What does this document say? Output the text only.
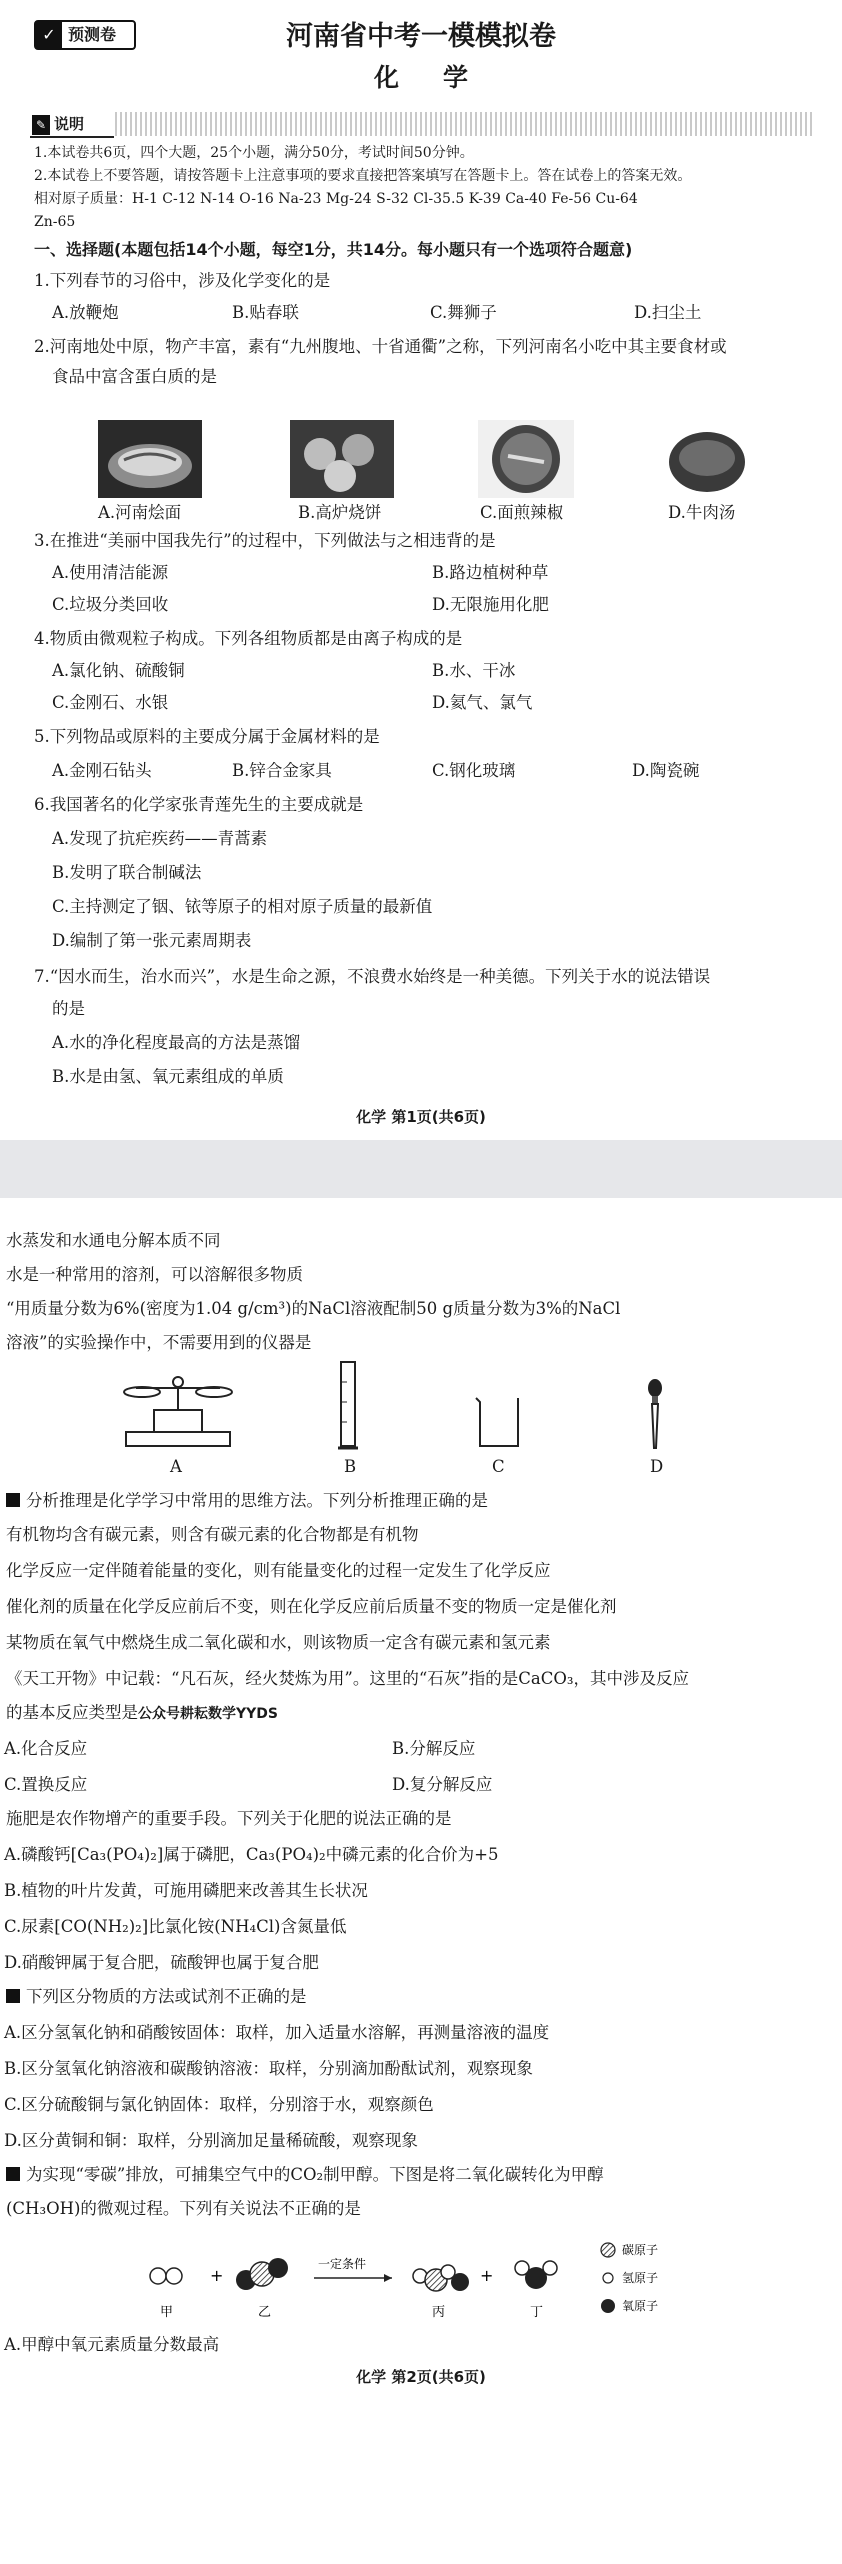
✓ 预测卷	河南省中考一模模拟卷
化学
✎ 说明
1.本试卷共6页，四个大题，25个小题，满分50分，考试时间50分钟。
2.本试卷上不要答题，请按答题卡上注意事项的要求直接把答案填写在答题卡上。答在试卷上的答案无效。
相对原子质量：H-1 C-12 N-14 O-16 Na-23 Mg-24 S-32 Cl-35.5 K-39 Ca-40 Fe-56 Cu-64
Zn-65
一、选择题(本题包括14个小题，每空1分，共14分。每小题只有一个选项符合题意)
1.下列春节的习俗中，涉及化学变化的是
A.放鞭炮	B.贴春联	C.舞狮子	D.扫尘土
2.河南地处中原，物产丰富，素有“九州腹地、十省通衢”之称，下列河南名小吃中其主要食材或
食品中富含蛋白质的是
A.河南烩面	B.高炉烧饼	C.面煎辣椒	D.牛肉汤
3.在推进“美丽中国我先行”的过程中，下列做法与之相违背的是
A.使用清洁能源	B.路边植树种草
C.垃圾分类回收	D.无限施用化肥
4.物质由微观粒子构成。下列各组物质都是由离子构成的是
A.氯化钠、硫酸铜	B.水、干冰
C.金刚石、水银	D.氦气、氯气
5.下列物品或原料的主要成分属于金属材料的是
A.金刚石钻头	B.锌合金家具	C.钢化玻璃	D.陶瓷碗
6.我国著名的化学家张青莲先生的主要成就是
A.发现了抗疟疾药——青蒿素
B.发明了联合制碱法
C.主持测定了铟、铱等原子的相对原子质量的最新值
D.编制了第一张元素周期表
7.“因水而生，治水而兴”，水是生命之源，不浪费水始终是一种美德。下列关于水的说法错误
的是
A.水的净化程度最高的方法是蒸馏
B.水是由氢、氧元素组成的单质
化学 第1页(共6页)
水蒸发和水通电分解本质不同
水是一种常用的溶剂，可以溶解很多物质
“用质量分数为6%(密度为1.04 g/cm³)的NaCl溶液配制50 g质量分数为3%的NaCl
溶液”的实验操作中，不需要用到的仪器是
A	B	C	D
分析推理是化学学习中常用的思维方法。下列分析推理正确的是
有机物均含有碳元素，则含有碳元素的化合物都是有机物
化学反应一定伴随着能量的变化，则有能量变化的过程一定发生了化学反应
催化剂的质量在化学反应前后不变，则在化学反应前后质量不变的物质一定是催化剂
某物质在氧气中燃烧生成二氧化碳和水，则该物质一定含有碳元素和氢元素
《天工开物》中记载：“凡石灰，经火焚炼为用”。这里的“石灰”指的是CaCO₃，其中涉及反应
的基本反应类型是公众号耕耘数学YYDS
A.化合反应	B.分解反应
C.置换反应	D.复分解反应
施肥是农作物增产的重要手段。下列关于化肥的说法正确的是
A.磷酸钙[Ca₃(PO₄)₂]属于磷肥，Ca₃(PO₄)₂中磷元素的化合价为+5
B.植物的叶片发黄，可施用磷肥来改善其生长状况
C.尿素[CO(NH₂)₂]比氯化铵(NH₄Cl)含氮量低
D.硝酸钾属于复合肥，硫酸钾也属于复合肥
下列区分物质的方法或试剂不正确的是
A.区分氢氧化钠和硝酸铵固体：取样，加入适量水溶解，再测量溶液的温度
B.区分氢氧化钠溶液和碳酸钠溶液：取样，分别滴加酚酞试剂，观察现象
C.区分硫酸铜与氯化钠固体：取样，分别溶于水，观察颜色
D.区分黄铜和铜：取样，分别滴加足量稀硫酸，观察现象
为实现“零碳”排放，可捕集空气中的CO₂制甲醇。下图是将二氧化碳转化为甲醇
(CH₃OH)的微观过程。下列有关说法不正确的是
+
一定条件
+
碳原子
氢原子
氧原子
甲	乙	丙	丁
A.甲醇中氧元素质量分数最高
化学 第2页(共6页)
